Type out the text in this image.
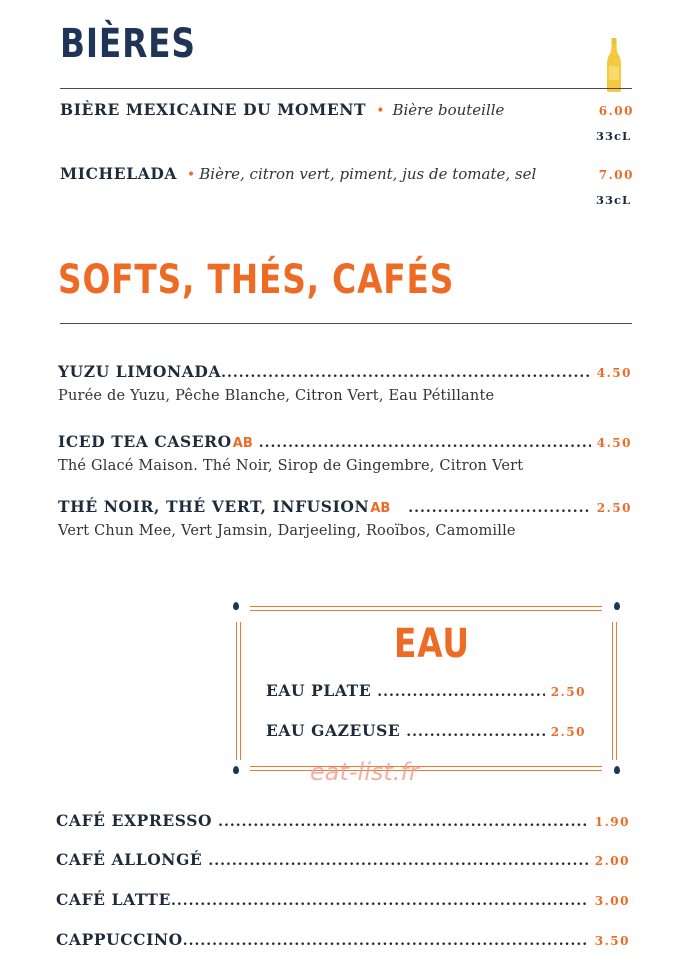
BIÈRES
BIÈRE MEXICAINE DU MOMENT • Bière bouteille	6.00
33cL
MICHELADA • Bière, citron vert, piment, jus de tomate, sel	7.00
33cL
SOFTS, THÉS, CAFÉS
YUZU LIMONADA .....	4.50
Purée de Yuzu, Pêche Blanche, Citron Vert, Eau Pétillante
ICED TEA CASERO AB .....	4.50
Thé Glacé Maison. Thé Noir, Sirop de Gingembre, Citron Vert
THÉ NOIR, THÉ VERT, INFUSION AB .....	2.50
Vert Chun Mee, Vert Jamsin, Darjeeling, Rooïbos, Camomille
EAU
EAU PLATE .....	2.50
EAU GAZEUSE .....	2.50
eat-list.fr
CAFÉ EXPRESSO .....	1.90
CAFÉ ALLONGÉ .....	2.00
CAFÉ LATTE .....	3.00
CAPPUCCINO .....	3.50
